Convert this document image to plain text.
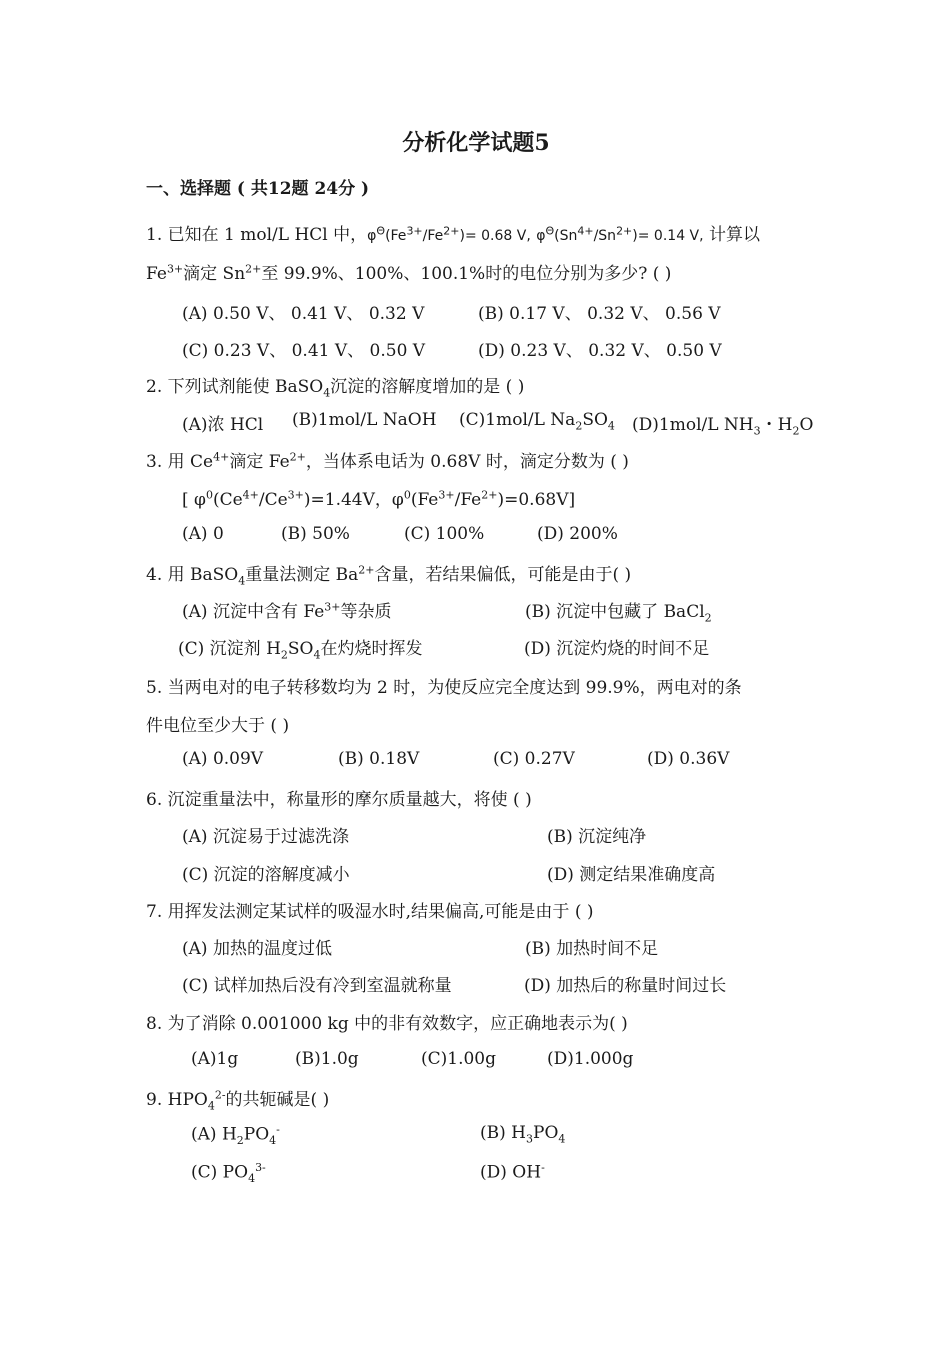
分析化学试题5
一、选择题 ( 共12题 24分 )
1. 已知在 1 mol/L HCl 中，$\varphi^\Theta(Fe^{3+}/Fe^{2+})= 0.68$ V, $\varphi^\Theta(Sn^{4+}/Sn^{2+})= 0.14$ V, 计算以
$Fe^{3+}$滴定 $Sn^{2+}$至 99.9%、100%、100.1%时的电位分别为多少? ( )
(A) 0.50 V、 0.41 V、 0.32 V	(B) 0.17 V、 0.32 V、 0.56 V
(C) 0.23 V、 0.41 V、 0.50 V	(D) 0.23 V、 0.32 V、 0.50 V
2. 下列试剂能使 BaSO$_4$沉淀的溶解度增加的是 ( )
(A)浓 HCl (B)1mol/L NaOH (C)1mol/L $Na_2SO_4$ (D)1mol/L $NH_3$・$H_2O$
3. 用 $Ce^{4+}$滴定 $Fe^{2+}$，当体系电话为 0.68V 时，滴定分数为 ( )
[ $\varphi^0(Ce^{4+}/Ce^{3+})=1.44V$，$\varphi^0(Fe^{3+}/Fe^{2+})=0.68V$]
(A) 0	(B) 50%	(C) 100%	(D) 200%
4. 用 BaSO$_4$重量法测定 $Ba^{2+}$含量，若结果偏低，可能是由于( )
(A) 沉淀中含有 $Fe^{3+}$等杂质	(B) 沉淀中包藏了 BaCl$_2$
(C) 沉淀剂 $H_2SO_4$在灼烧时挥发	(D) 沉淀灼烧的时间不足
5. 当两电对的电子转移数均为 2 时，为使反应完全度达到 99.9%，两电对的条
件电位至少大于 ( )
(A) 0.09V	(B) 0.18V	(C) 0.27V	(D) 0.36V
6. 沉淀重量法中，称量形的摩尔质量越大，将使 ( )
(A) 沉淀易于过滤洗涤	(B) 沉淀纯净
(C) 沉淀的溶解度减小	(D) 测定结果准确度高
7. 用挥发法测定某试样的吸湿水时,结果偏高,可能是由于 ( )
(A) 加热的温度过低	(B) 加热时间不足
(C) 试样加热后没有冷到室温就称量	(D) 加热后的称量时间过长
8. 为了消除 0.001000 kg 中的非有效数字，应正确地表示为( )
(A)1g	(B)1.0g	(C)1.00g	(D)1.000g
9. $HPO_4^{2-}$的共轭碱是( )
(A) $H_2PO_4^-$	(B) $H_3PO_4$
(C) $PO_4^{3-}$	(D) OH-
